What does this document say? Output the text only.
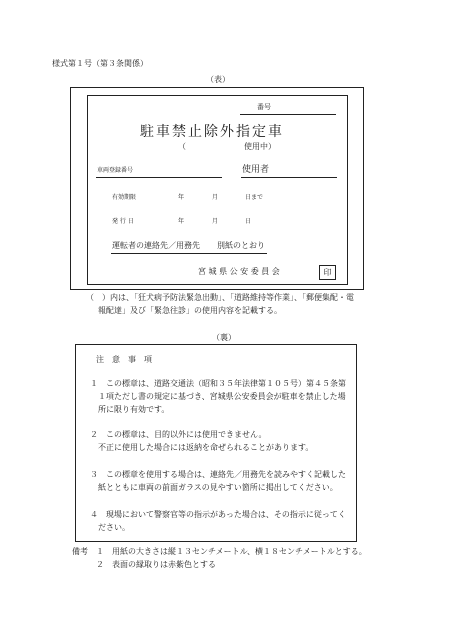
様式第１号（第３条関係）
（表）
番号
駐車禁止除外指定車
（	使用中）
車両登録番号	使用者
有効期限	年	月	日まで
発 行 日	年	月	日
運転者の連絡先／用務先 別紙のとおり
宮 城 県 公 安 委 員 会	印
（　）内は、「狂犬病予防法緊急出動」、「道路維持等作業」、「郵便集配・電
報配達」及び「緊急往診」の使用内容を記載する。
（裏）
注　意　事　項
１　この標章は、道路交通法（昭和３５年法律第１０５号）第４５条第
１項ただし書の規定に基づき、宮城県公安委員会が駐車を禁止した場
所に限り有効です。
２　この標章は、目的以外には使用できません。
不正に使用した場合には返納を命ぜられることがあります。
３　この標章を使用する場合は、連絡先／用務先を読みやすく記載した
紙とともに車両の前面ガラスの見やすい箇所に掲出してください。
４　現場において警察官等の指示があった場合は、その指示に従ってく
ださい。
備考 １　用紙の大きさは縦１３センチメートル、横１８センチメートルとする。
２　表面の縁取りは赤紫色とする
